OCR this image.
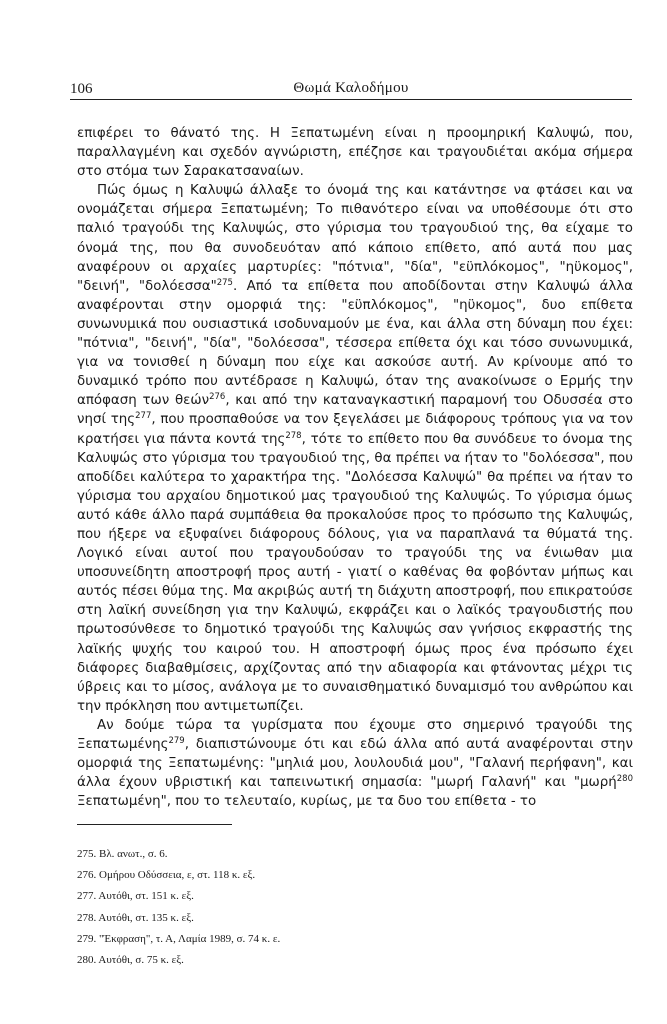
106	Θωμά Καλοδήμου

επιφέρει το θάνατό της. Η Ξεπατωμένη είναι η προομηρική Καλυψώ, που, παραλλαγμένη και σχεδόν αγνώριστη, επέζησε και τραγουδιέται ακόμα σήμερα στο στόμα των Σαρακατσαναίων.

Πώς όμως η Καλυψώ άλλαξε το όνομά της και κατάντησε να φτάσει και να ονομάζεται σήμερα Ξεπατωμένη; Το πιθανότερο είναι να υποθέσουμε ότι στο παλιό τραγούδι της Καλυψώς, στο γύρισμα του τραγουδιού της, θα είχαμε το όνομά της, που θα συνοδευόταν από κάποιο επίθετο, από αυτά που μας αναφέρουν οι αρχαίες μαρτυρίες: "πότνια", "δία", "εϋπλόκομος", "ηϋκομος", "δεινή", "δολόεσσα"$^{275}$. Από τα επίθετα που αποδίδονται στην Καλυψώ άλλα αναφέρονται στην ομορφιά της: "εϋπλόκομος", "ηϋκομος", δυο επίθετα συνωνυμικά που ουσιαστικά ισοδυναμούν με ένα, και άλλα στη δύναμη που έχει: "πότνια", "δεινή", "δία", "δολόεσσα", τέσσερα επίθετα όχι και τόσο συνωνυμικά, για να τονισθεί η δύναμη που είχε και ασκούσε αυτή. Αν κρίνουμε από το δυναμικό τρόπο που αντέδρασε η Καλυψώ, όταν της ανακοίνωσε ο Ερμής την απόφαση των θεών$^{276}$, και από την καταναγκαστική παραμονή του Οδυσσέα στο νησί της$^{277}$, που προσπαθούσε να τον ξεγελάσει με διάφορους τρόπους για να τον κρατήσει για πάντα κοντά της$^{278}$, τότε το επίθετο που θα συνόδευε το όνομα της Καλυψώς στο γύρισμα του τραγουδιού της, θα πρέπει να ήταν το "δολόεσσα", που αποδίδει καλύτερα το χαρακτήρα της. "Δολόεσσα Καλυψώ" θα πρέπει να ήταν το γύρισμα του αρχαίου δημοτικού μας τραγουδιού της Καλυψώς. Το γύρισμα όμως αυτό κάθε άλλο παρά συμπάθεια θα προκαλούσε προς το πρόσωπο της Καλυψώς, που ήξερε να εξυφαίνει διάφορους δόλους, για να παραπλανά τα θύματά της. Λογικό είναι αυτοί που τραγουδούσαν το τραγούδι της να ένιωθαν μια υποσυνείδητη αποστροφή προς αυτή - γιατί ο καθένας θα φοβόνταν μήπως και αυτός πέσει θύμα της. Μα ακριβώς αυτή τη διάχυτη αποστροφή, που επικρατούσε στη λαϊκή συνείδηση για την Καλυψώ, εκφράζει και ο λαϊκός τραγουδιστής που πρωτοσύνθεσε το δημοτικό τραγούδι της Καλυψώς σαν γνήσιος εκφραστής της λαϊκής ψυχής του καιρού του. Η αποστροφή όμως προς ένα πρόσωπο έχει διάφορες διαβαθμίσεις, αρχίζοντας από την αδιαφορία και φτάνοντας μέχρι τις ύβρεις και το μίσος, ανάλογα με το συναισθηματικό δυναμισμό του ανθρώπου και την πρόκληση που αντιμετωπίζει.

Αν δούμε τώρα τα γυρίσματα που έχουμε στο σημερινό τραγούδι της Ξεπατωμένης$^{279}$, διαπιστώνουμε ότι και εδώ άλλα από αυτά αναφέρονται στην ομορφιά της Ξεπατωμένης: "μηλιά μου, λουλουδιά μου", "Γαλανή περήφανη", και άλλα έχουν υβριστική και ταπεινωτική σημασία: "μωρή Γαλανή" και "μωρή$^{280}$ Ξεπατωμένη", που το τελευταίο, κυρίως, με τα δυο του επίθετα - το

275. Βλ. ανωτ., σ. 6.
276. Ομήρου Οδύσσεια, ε, στ. 118 κ. εξ.
277. Αυτόθι, στ. 151 κ. εξ.
278. Αυτόθι, στ. 135 κ. εξ.
279. "Έκφραση", τ. Α, Λαμία 1989, σ. 74 κ. ε.
280. Αυτόθι, σ. 75 κ. εξ.
